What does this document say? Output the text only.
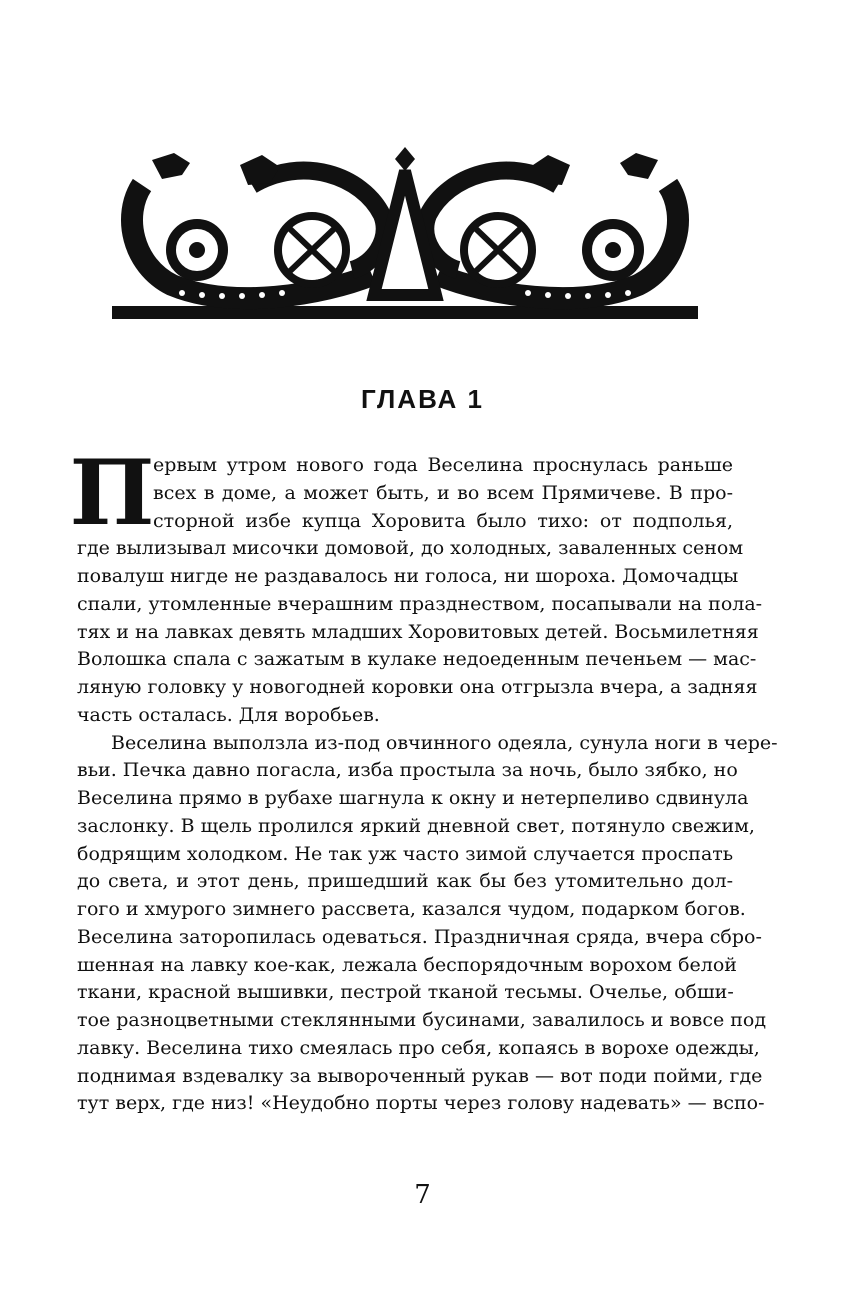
ГЛАВА 1
П
ервым утром нового года Веселина проснулась раньше
всех в доме, а может быть, и во всем Прямичеве. В про-
сторной избе купца Хоровита было тихо: от подполья,
где вылизывал мисочки домовой, до холодных, заваленных сеном
повалуш нигде не раздавалось ни голоса, ни шороха. Домочадцы
спали, утомленные вчерашним празднеством, посапывали на пола-
тях и на лавках девять младших Хоровитовых детей. Восьмилетняя
Волошка спала с зажатым в кулаке недоеденным печеньем — мас-
ляную головку у новогодней коровки она отгрызла вчера, а задняя
часть осталась. Для воробьев.
Веселина выползла из-под овчинного одеяла, сунула ноги в чере-
вьи. Печка давно погасла, изба простыла за ночь, было зябко, но
Веселина прямо в рубахе шагнула к окну и нетерпеливо сдвинула
заслонку. В щель пролился яркий дневной свет, потянуло свежим,
бодрящим холодком. Не так уж часто зимой случается проспать
до света, и этот день, пришедший как бы без утомительно дол-
гого и хмурого зимнего рассвета, казался чудом, подарком богов.
Веселина заторопилась одеваться. Праздничная сряда, вчера сбро-
шенная на лавку кое-как, лежала беспорядочным ворохом белой
ткани, красной вышивки, пестрой тканой тесьмы. Очелье, обши-
тое разноцветными стеклянными бусинами, завалилось и вовсе под
лавку. Веселина тихо смеялась про себя, копаясь в ворохе одежды,
поднимая вздевалку за вывороченный рукав — вот поди пойми, где
тут верх, где низ! «Неудобно порты через голову надевать» — вспо-
7
